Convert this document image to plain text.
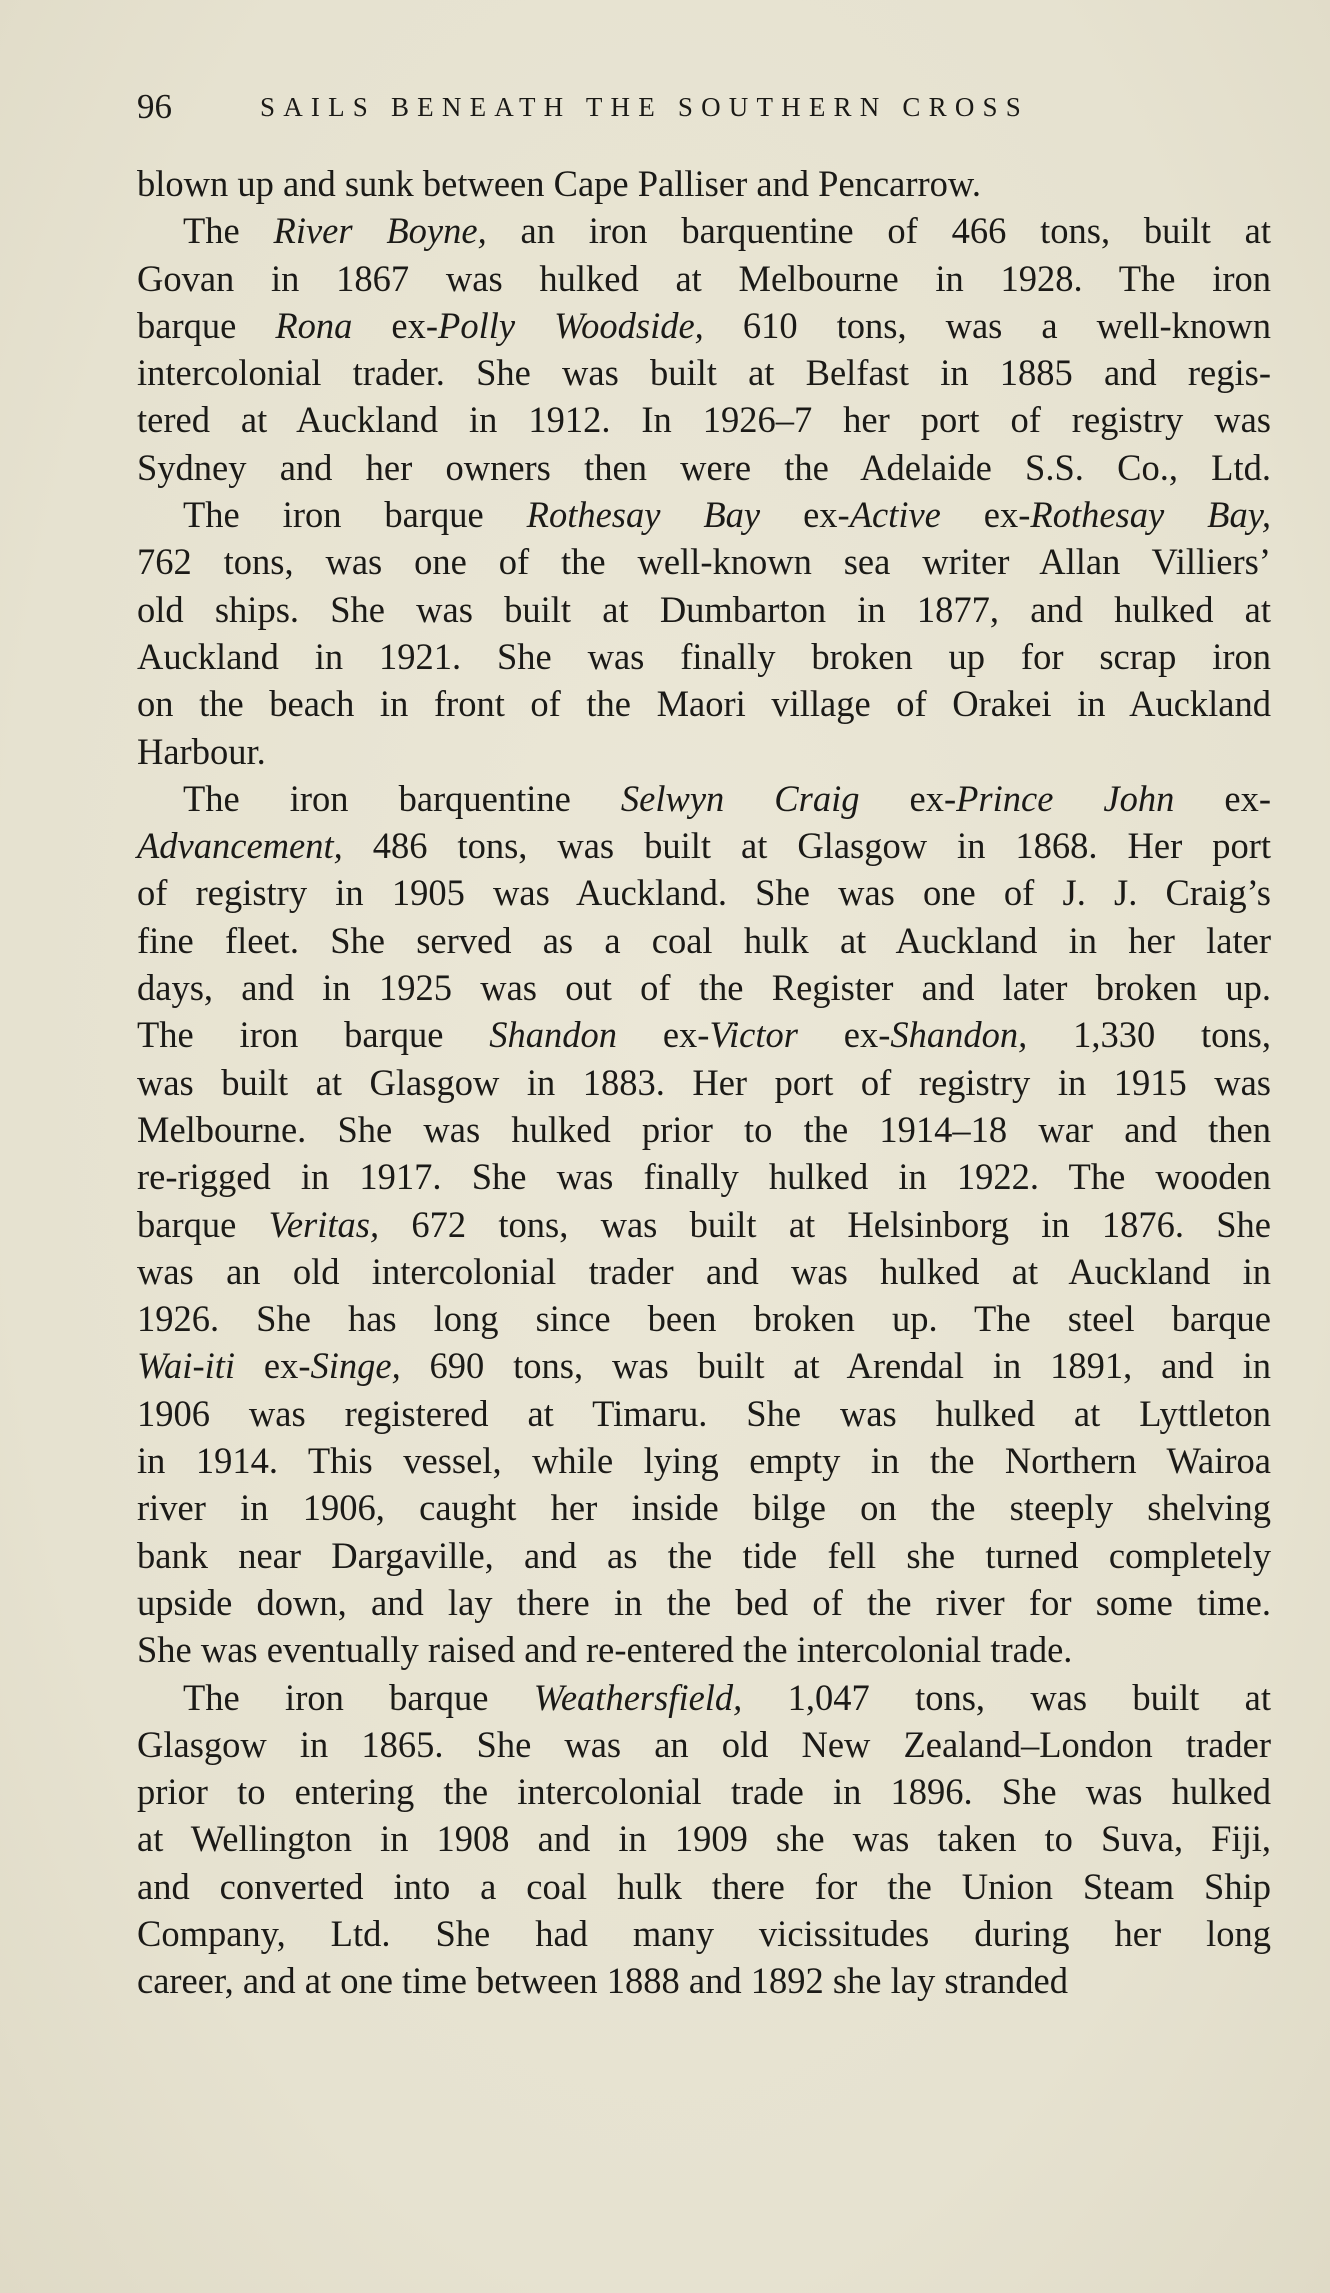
96	SAILS BENEATH THE SOUTHERN CROSS
blown up and sunk between Cape Palliser and Pencarrow.
The River Boyne, an iron barquentine of 466 tons, built at
Govan in 1867 was hulked at Melbourne in 1928. The iron
barque Rona ex-Polly Woodside, 610 tons, was a well-known
intercolonial trader. She was built at Belfast in 1885 and regis-
tered at Auckland in 1912. In 1926–7 her port of registry was
Sydney and her owners then were the Adelaide S.S. Co., Ltd.
The iron barque Rothesay Bay ex-Active ex-Rothesay Bay,
762 tons, was one of the well-known sea writer Allan Villiers’
old ships. She was built at Dumbarton in 1877, and hulked at
Auckland in 1921. She was finally broken up for scrap iron
on the beach in front of the Maori village of Orakei in Auckland
Harbour.
The iron barquentine Selwyn Craig ex-Prince John ex-
Advancement, 486 tons, was built at Glasgow in 1868. Her port
of registry in 1905 was Auckland. She was one of J. J. Craig’s
fine fleet. She served as a coal hulk at Auckland in her later
days, and in 1925 was out of the Register and later broken up.
The iron barque Shandon ex-Victor ex-Shandon, 1,330 tons,
was built at Glasgow in 1883. Her port of registry in 1915 was
Melbourne. She was hulked prior to the 1914–18 war and then
re-rigged in 1917. She was finally hulked in 1922. The wooden
barque Veritas, 672 tons, was built at Helsinborg in 1876. She
was an old intercolonial trader and was hulked at Auckland in
1926. She has long since been broken up. The steel barque
Wai-iti ex-Singe, 690 tons, was built at Arendal in 1891, and in
1906 was registered at Timaru. She was hulked at Lyttleton
in 1914. This vessel, while lying empty in the Northern Wairoa
river in 1906, caught her inside bilge on the steeply shelving
bank near Dargaville, and as the tide fell she turned completely
upside down, and lay there in the bed of the river for some time.
She was eventually raised and re-entered the intercolonial trade.
The iron barque Weathersfield, 1,047 tons, was built at
Glasgow in 1865. She was an old New Zealand–London trader
prior to entering the intercolonial trade in 1896. She was hulked
at Wellington in 1908 and in 1909 she was taken to Suva, Fiji,
and converted into a coal hulk there for the Union Steam Ship
Company, Ltd. She had many vicissitudes during her long
career, and at one time between 1888 and 1892 she lay stranded
